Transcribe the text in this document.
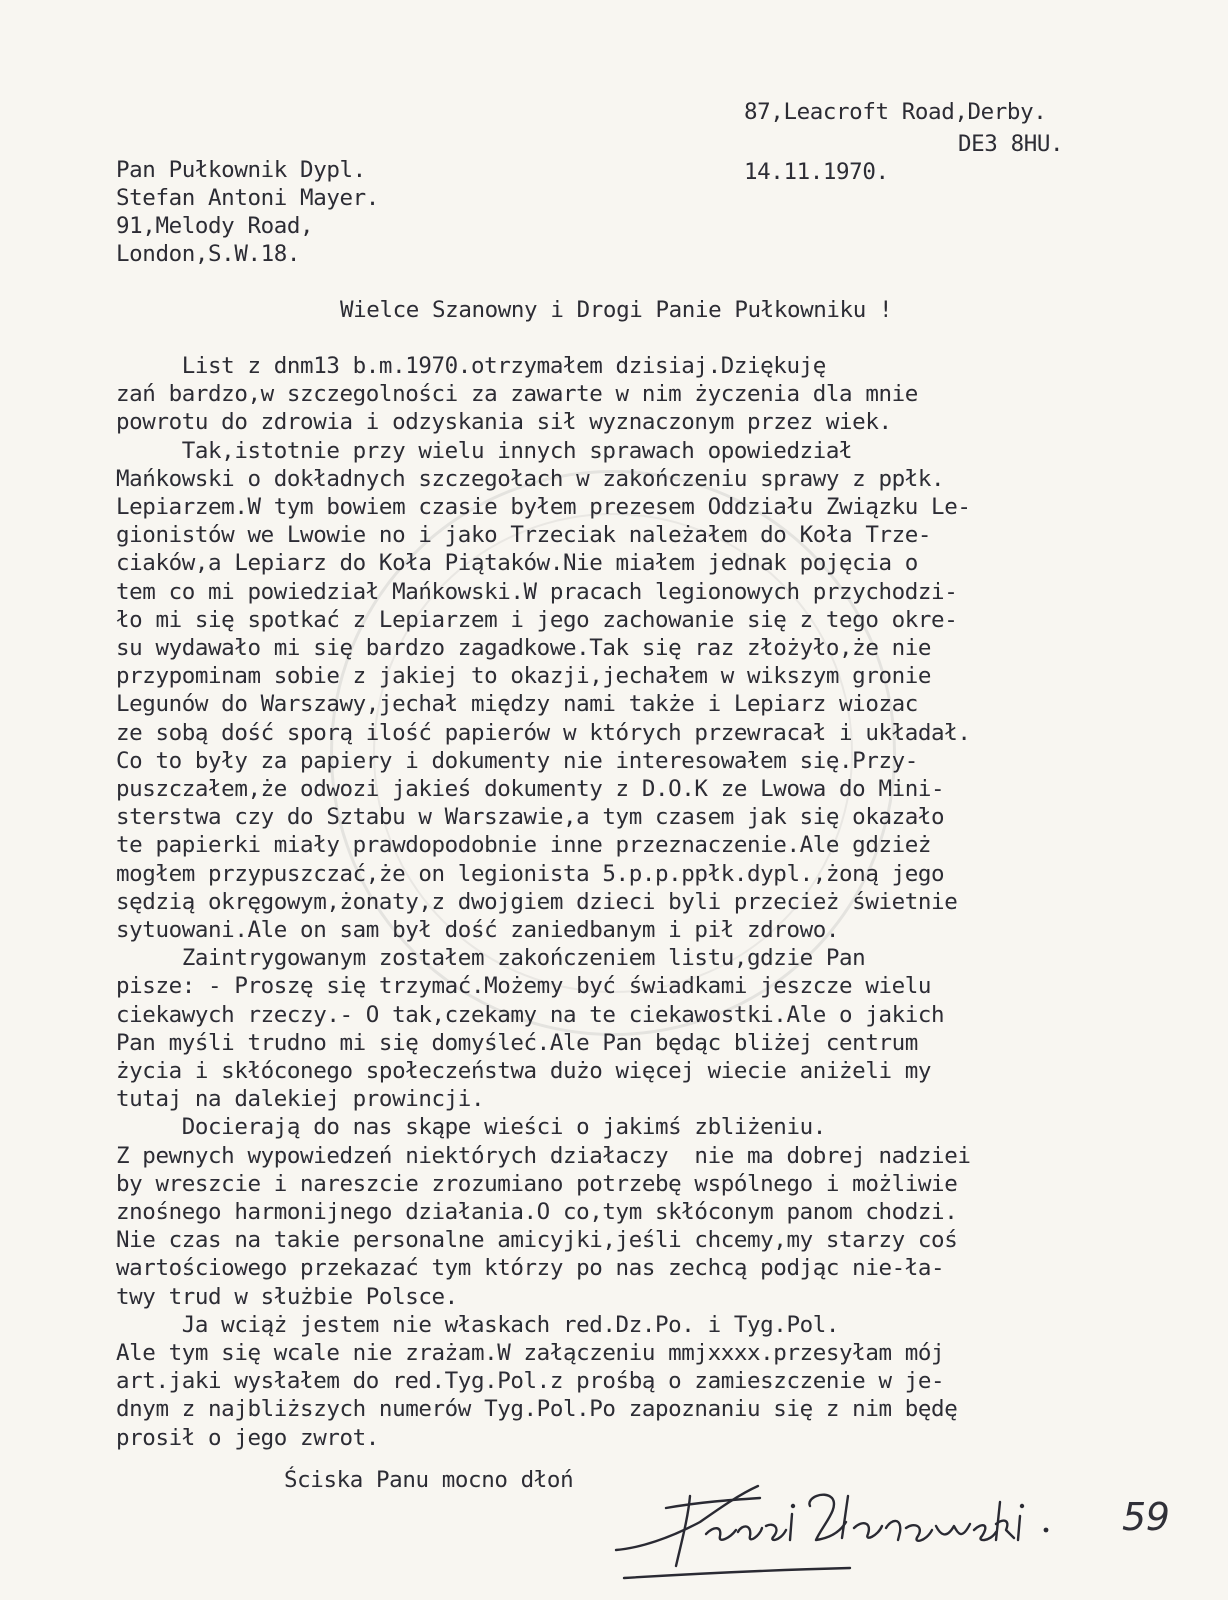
87,Leacroft Road,Derby.
DE3 8HU.
14.11.1970.
Pan Pułkownik Dypl.
Stefan Antoni Mayer.
91,Melody Road,
London,S.W.18.
Wielce Szanowny i Drogi Panie Pułkowniku !
List z dnm13 b.m.1970.otrzymałem dzisiaj.Dziękuję
zań bardzo,w szczegolności za zawarte w nim życzenia dla mnie
powrotu do zdrowia i odzyskania sił wyznaczonym przez wiek.
Tak,istotnie przy wielu innych sprawach opowiedział
Mańkowski o dokładnych szczegołach w zakończeniu sprawy z ppłk.
Lepiarzem.W tym bowiem czasie byłem prezesem Oddziału Związku Le-
gionistów we Lwowie no i jako Trzeciak należałem do Koła Trze-
ciaków,a Lepiarz do Koła Piątaków.Nie miałem jednak pojęcia o
tem co mi powiedział Mańkowski.W pracach legionowych przychodzi-
ło mi się spotkać z Lepiarzem i jego zachowanie się z tego okre-
su wydawało mi się bardzo zagadkowe.Tak się raz złożyło,że nie
przypominam sobie z jakiej to okazji,jechałem w wikszym gronie
Legunów do Warszawy,jechał między nami także i Lepiarz wiozac
ze sobą dość sporą ilość papierów w których przewracał i układał.
Co to były za papiery i dokumenty nie interesowałem się.Przy-
puszczałem,że odwozi jakieś dokumenty z D.O.K ze Lwowa do Mini-
sterstwa czy do Sztabu w Warszawie,a tym czasem jak się okazało
te papierki miały prawdopodobnie inne przeznaczenie.Ale gdzież
mogłem przypuszczać,że on legionista 5.p.p.ppłk.dypl.,żoną jego
sędzią okręgowym,żonaty,z dwojgiem dzieci byli przecież świetnie
sytuowani.Ale on sam był dość zaniedbanym i pił zdrowo.
Zaintrygowanym zostałem zakończeniem listu,gdzie Pan
pisze: - Proszę się trzymać.Możemy być świadkami jeszcze wielu
ciekawych rzeczy.- O tak,czekamy na te ciekawostki.Ale o jakich
Pan myśli trudno mi się domyśleć.Ale Pan będąc bliżej centrum
życia i skłóconego społeczeństwa dużo więcej wiecie aniżeli my
tutaj na dalekiej prowincji.
Docierają do nas skąpe wieści o jakimś zbliżeniu.
Z pewnych wypowiedzeń niektórych działaczy  nie ma dobrej nadziei
by wreszcie i nareszcie zrozumiano potrzebę wspólnego i możliwie
znośnego harmonijnego działania.O co,tym skłóconym panom chodzi.
Nie czas na takie personalne amicyjki,jeśli chcemy,my starzy coś
wartościowego przekazać tym którzy po nas zechcą podjąc nie-ła-
twy trud w służbie Polsce.
Ja wciąż jestem nie właskach red.Dz.Po. i Tyg.Pol.
Ale tym się wcale nie zrażam.W załączeniu mmjxxxx.przesyłam mój
art.jaki wysłałem do red.Tyg.Pol.z prośbą o zamieszczenie w je-
dnym z najbliższych numerów Tyg.Pol.Po zapoznaniu się z nim będę
prosił o jego zwrot.
Ściska Panu mocno dłoń
59
